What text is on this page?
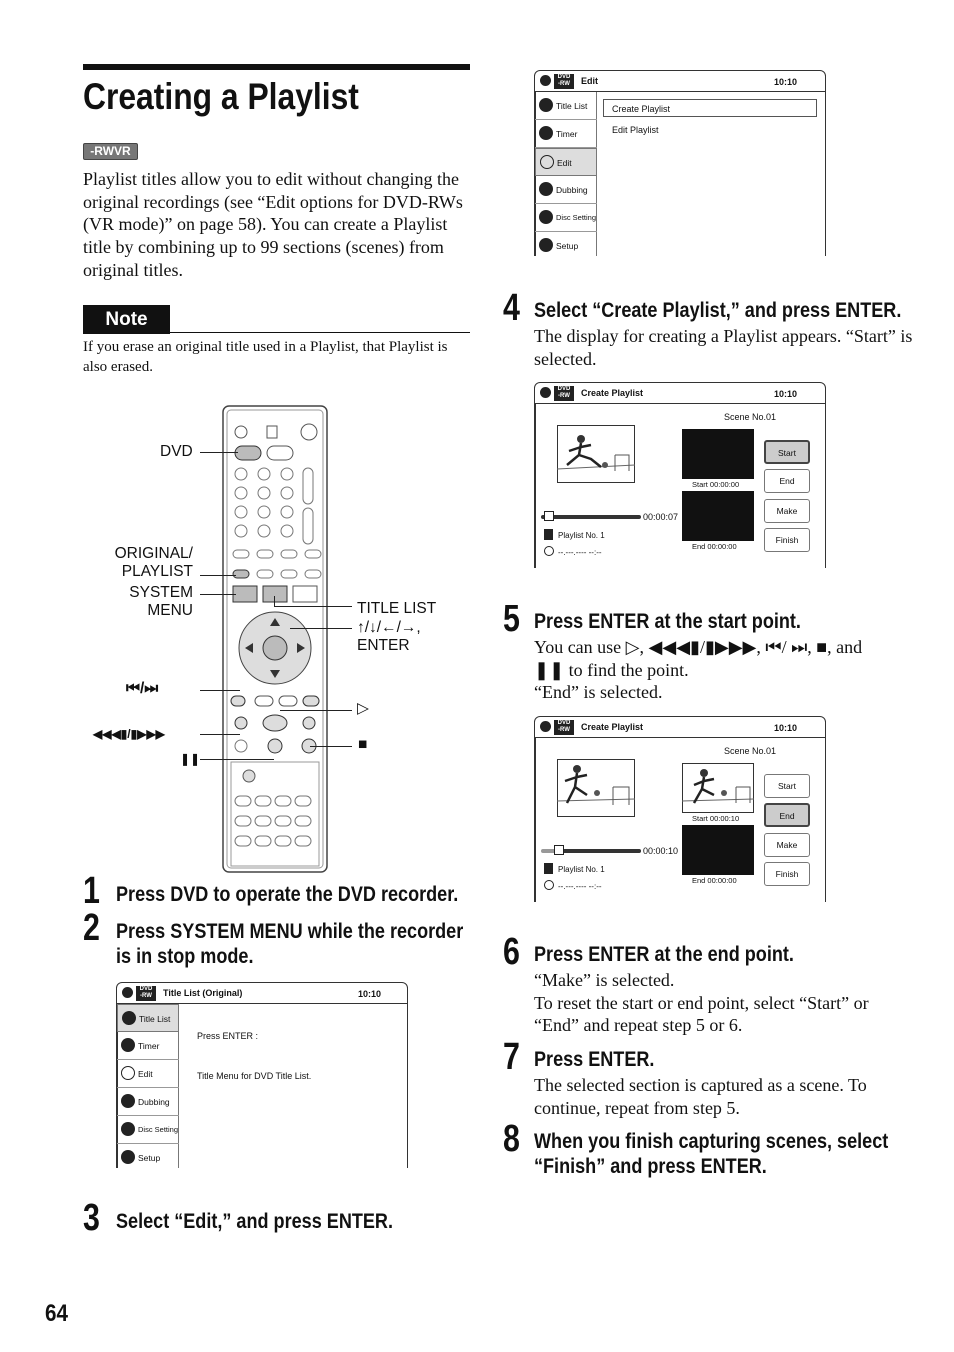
Creating a Playlist
-RWVR
Playlist titles allow you to edit without changing the original recordings (see “Edit options for DVD-RWs (VR mode)” on page 58). You can create a Playlist title by combining up to 99 sections (scenes) from original titles.
Note
If you erase an original title used in a Playlist, that Playlist is also erased.
DVD
ORIGINAL/
PLAYLIST
SYSTEM
MENU	TITLE LIST
↑/↓/←/→,
ENTER
⏮/⏭
▷
◀◀◀▮/▮▶▶▶
■
❚❚
1 Press DVD to operate the DVD recorder.
2 Press SYSTEM MENU while the recorder is in stop mode.
DVD
-RW	Title List (Original)	10:10
Title List
Timer
Edit
Dubbing
Disc Setting
Setup
Press ENTER :
Title Menu for DVD Title List.
3 Select “Edit,” and press ENTER.
64
DVD
-RW	Edit	10:10
Title List
Timer
Edit
Dubbing
Disc Setting
Setup
Create Playlist
Edit Playlist
4 Select “Create Playlist,” and press ENTER.
The display for creating a Playlist appears. “Start” is selected.
DVD
-RW	Create Playlist	10:10
Scene No.01
Start 00:00:00
End 00:00:00
00:00:07
Playlist No. 1
--.---.---- --:--
Start
End
Make
Finish
5 Press ENTER at the start point.
You can use ▷, ◀◀◀▮/▮▶▶▶, ⏮/ ⏭, ■, and ❚❚ to find the point.
“End” is selected.
DVD
-RW	Create Playlist	10:10
Scene No.01
Start 00:00:10
End 00:00:00
00:00:10
Playlist No. 1
--.---.---- --:--
Start
End
Make
Finish
6 Press ENTER at the end point.
“Make” is selected.
To reset the start or end point, select “Start” or “End” and repeat step 5 or 6.
7 Press ENTER.
The selected section is captured as a scene. To continue, repeat from step 5.
8 When you finish capturing scenes, select “Finish” and press ENTER.
